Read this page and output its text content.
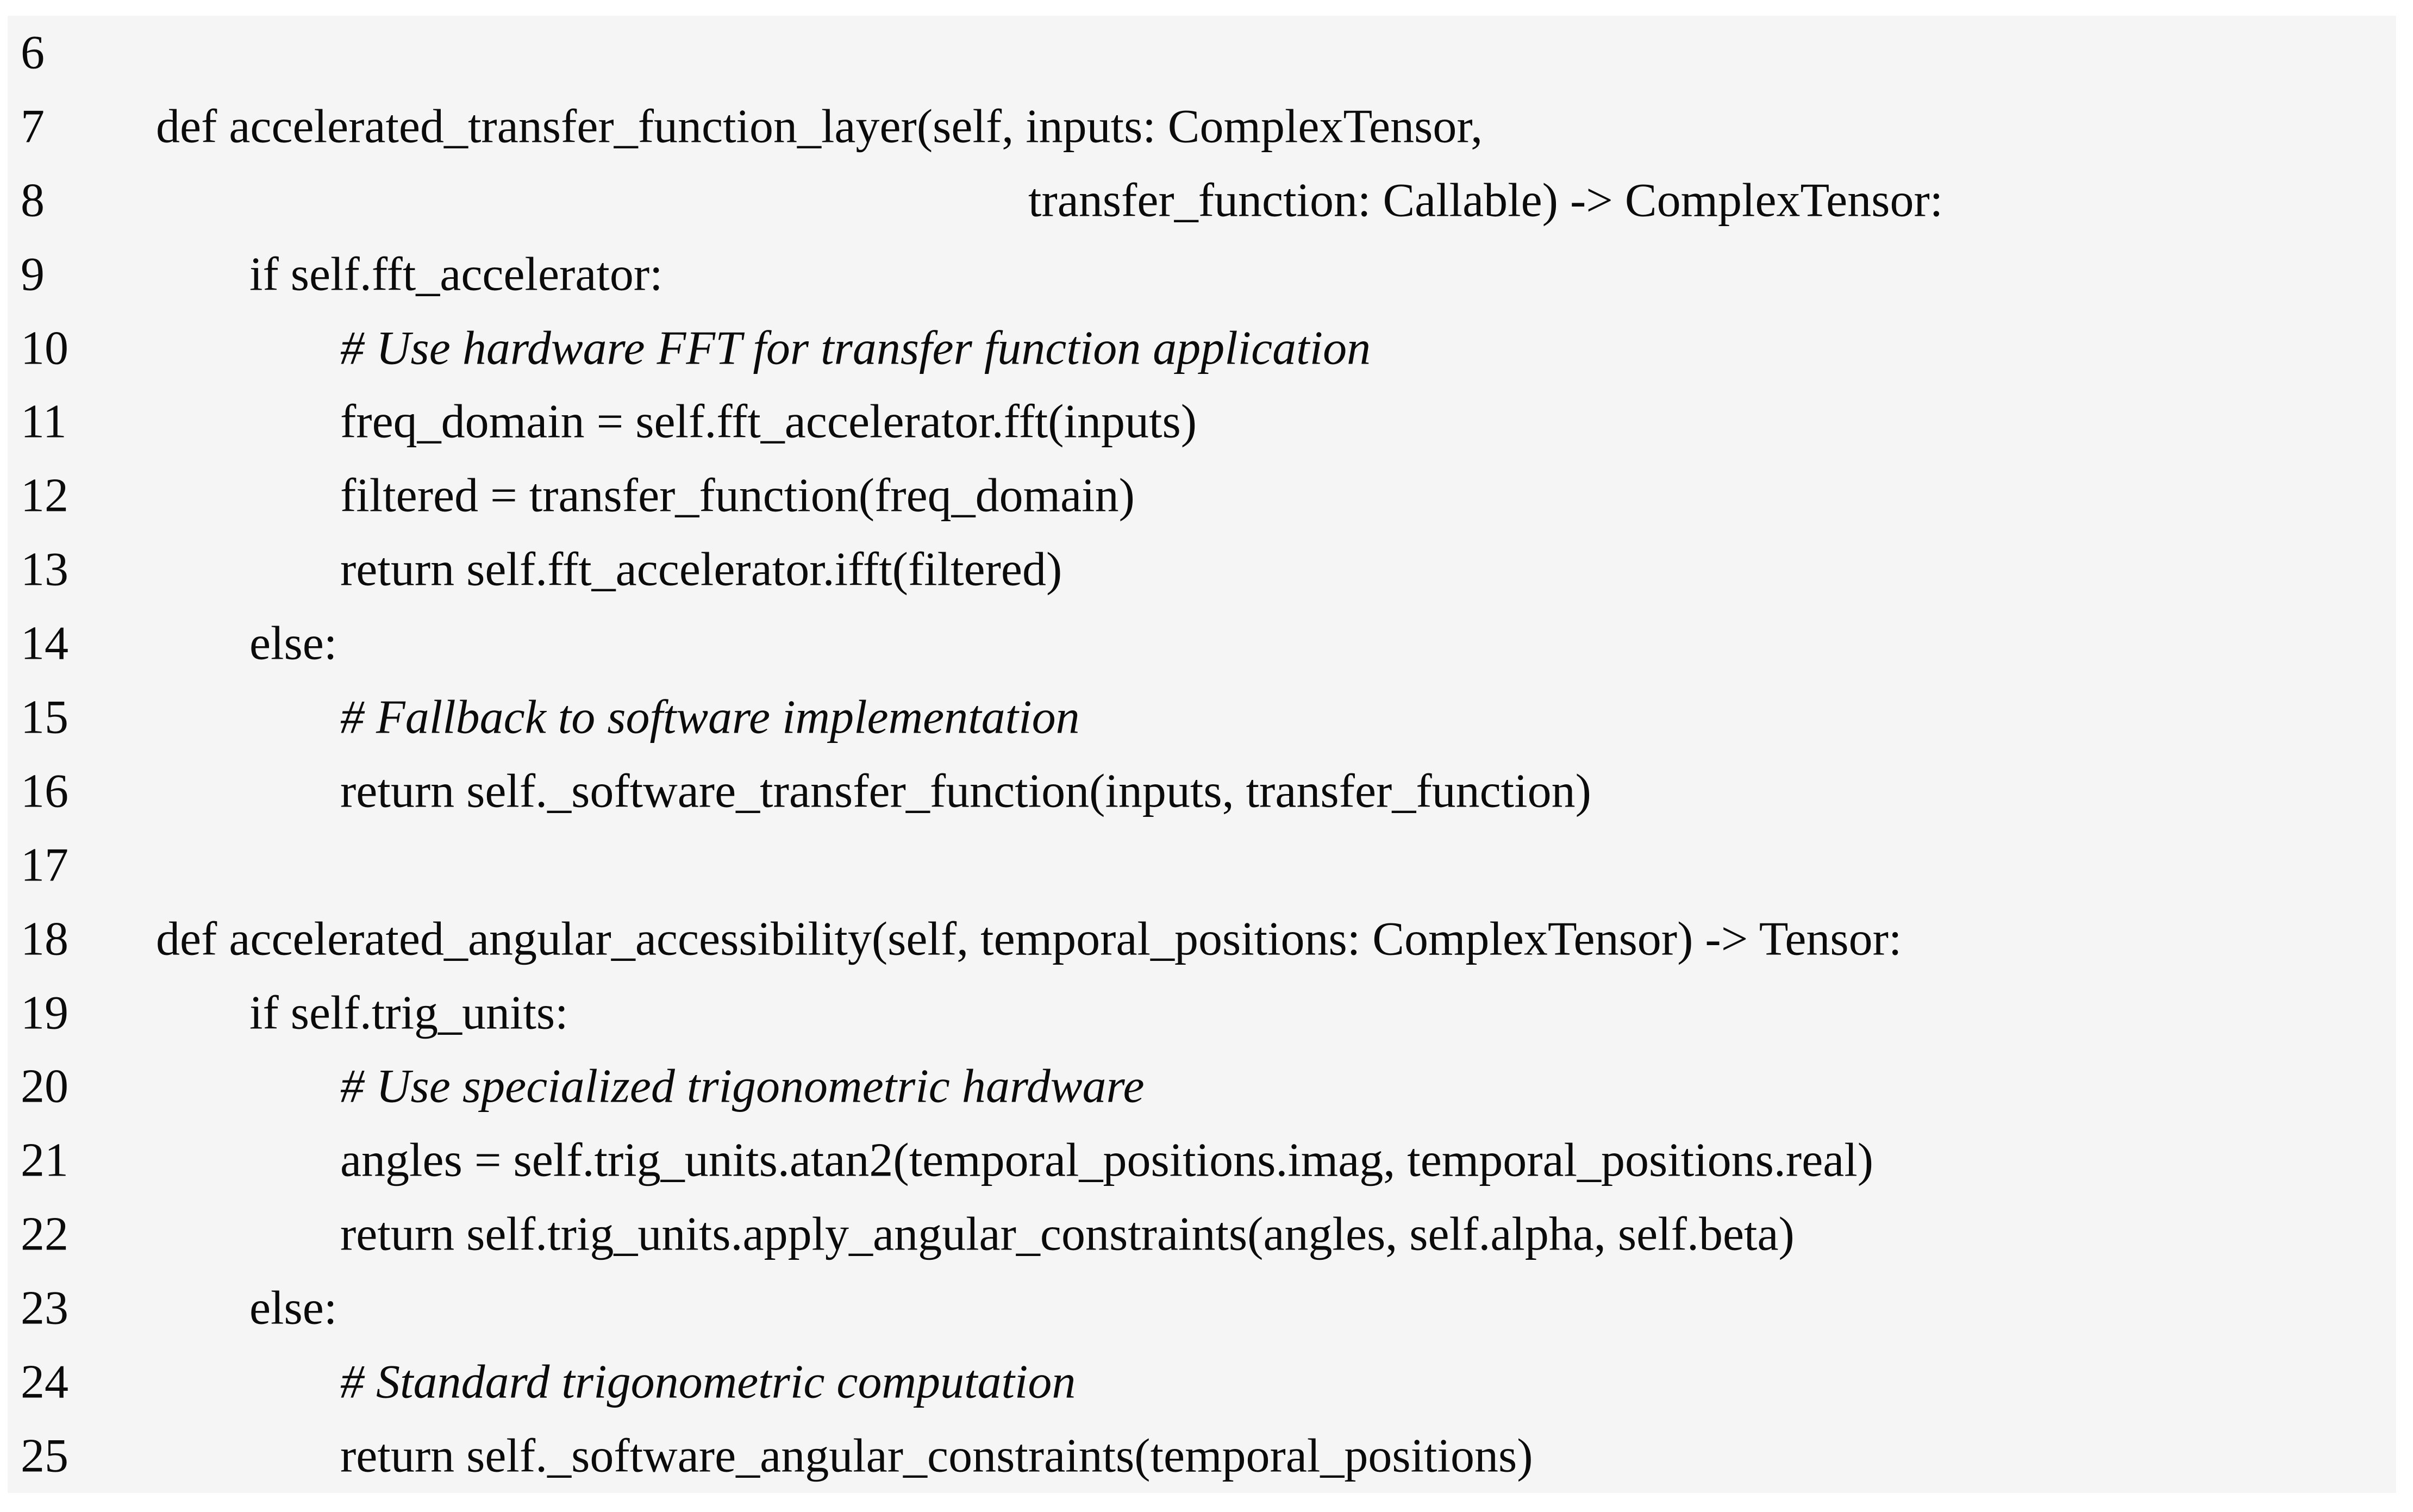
6
7 def accelerated_transfer_function_layer(self, inputs: ComplexTensor,
8	transfer_function: Callable) -> ComplexTensor:
9	if self.fft_accelerator:
10	# Use hardware FFT for transfer function application
11	freq_domain = self.fft_accelerator.fft(inputs)
12	filtered = transfer_function(freq_domain)
13	return self.fft_accelerator.ifft(filtered)
14	else:
15	# Fallback to software implementation
16	return self._software_transfer_function(inputs, transfer_function)
17
18 def accelerated_angular_accessibility(self, temporal_positions: ComplexTensor) -> Tensor:
19	if self.trig_units:
20	# Use specialized trigonometric hardware
21	angles = self.trig_units.atan2(temporal_positions.imag, temporal_positions.real)
22	return self.trig_units.apply_angular_constraints(angles, self.alpha, self.beta)
23	else:
24	# Standard trigonometric computation
25	return self._software_angular_constraints(temporal_positions)
